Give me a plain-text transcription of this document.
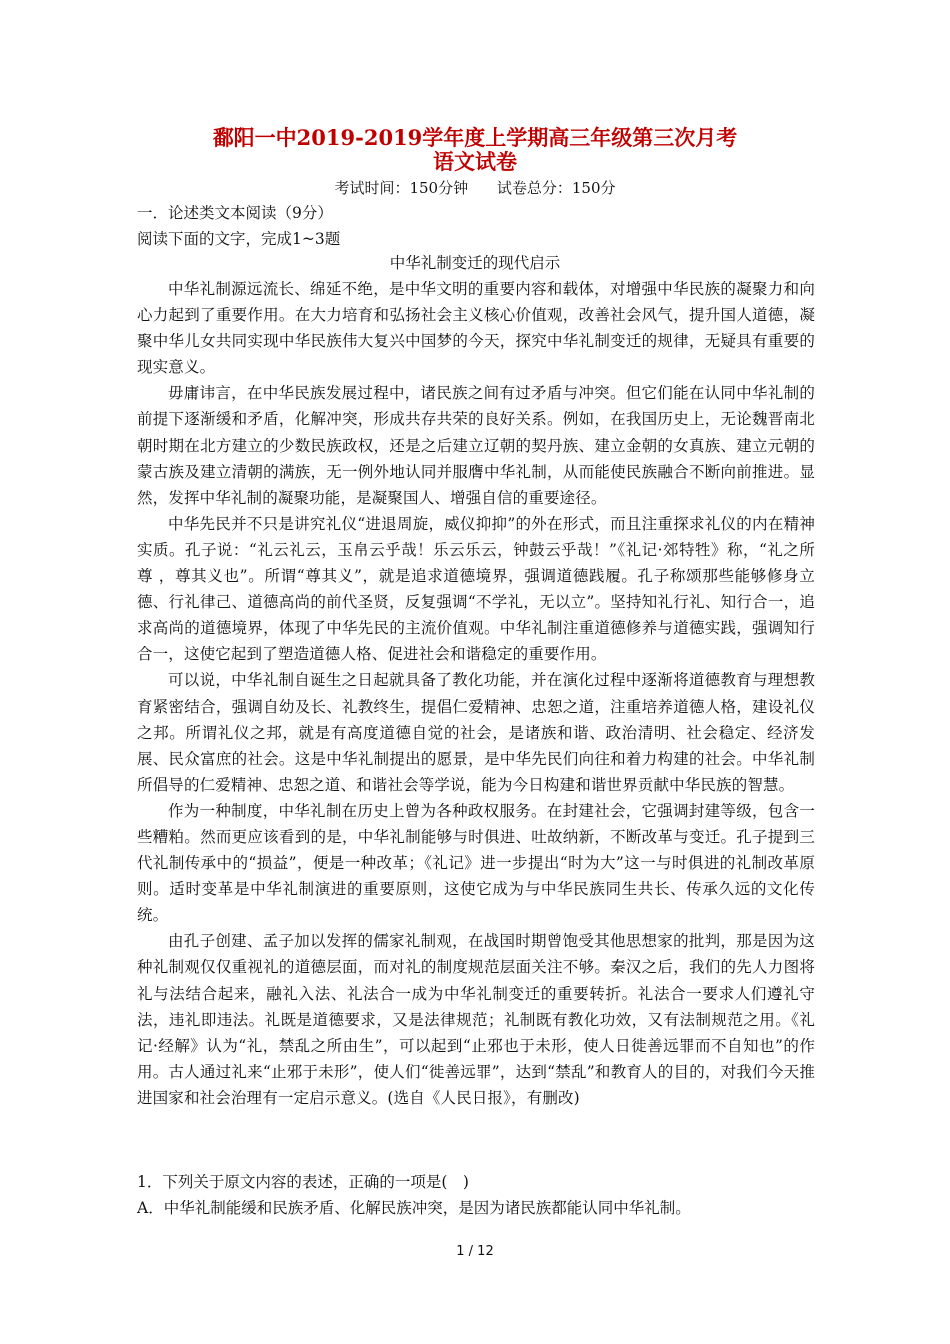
鄱阳一中2019-2019学年度上学期高三年级第三次月考
语文试卷
考试时间：150分钟 试卷总分：150分
一．论述类文本阅读（9分）
阅读下面的文字，完成1~3题
中华礼制变迁的现代启示

中华礼制源远流长、绵延不绝，是中华文明的重要内容和载体，对增强中华民族的凝聚力和向心力起到了重要作用。在大力培育和弘扬社会主义核心价值观，改善社会风气，提升国人道德，凝聚中华儿女共同实现中华民族伟大复兴中国梦的今天，探究中华礼制变迁的规律，无疑具有重要的现实意义。

毋庸讳言，在中华民族发展过程中，诸民族之间有过矛盾与冲突。但它们能在认同中华礼制的前提下逐渐缓和矛盾，化解冲突，形成共存共荣的良好关系。例如，在我国历史上，无论魏晋南北朝时期在北方建立的少数民族政权，还是之后建立辽朝的契丹族、建立金朝的女真族、建立元朝的蒙古族及建立清朝的满族，无一例外地认同并服膺中华礼制，从而能使民族融合不断向前推进。显然，发挥中华礼制的凝聚功能，是凝聚国人、增强自信的重要途径。

中华先民并不只是讲究礼仪“进退周旋，威仪抑抑”的外在形式，而且注重探求礼仪的内在精神实质。孔子说：“礼云礼云，玉帛云乎哉！乐云乐云，钟鼓云乎哉！”《礼记·郊特牲》称，“礼之所尊 ，尊其义也”。所谓“尊其义”，就是追求道德境界，强调道德践履。孔子称颂那些能够修身立德、行礼律己、道德高尚的前代圣贤，反复强调“不学礼，无以立”。坚持知礼行礼、知行合一，追求高尚的道德境界，体现了中华先民的主流价值观。中华礼制注重道德修养与道德实践，强调知行合一，这使它起到了塑造道德人格、促进社会和谐稳定的重要作用。

可以说，中华礼制自诞生之日起就具备了教化功能，并在演化过程中逐渐将道德教育与理想教育紧密结合，强调自幼及长、礼教终生，提倡仁爱精神、忠恕之道，注重培养道德人格，建设礼仪之邦。所谓礼仪之邦，就是有高度道德自觉的社会，是诸族和谐、政治清明、社会稳定、经济发展、民众富庶的社会。这是中华礼制提出的愿景，是中华先民们向往和着力构建的社会。中华礼制所倡导的仁爱精神、忠恕之道、和谐社会等学说，能为今日构建和谐世界贡献中华民族的智慧。

作为一种制度，中华礼制在历史上曾为各种政权服务。在封建社会，它强调封建等级，包含一些糟粕。然而更应该看到的是，中华礼制能够与时俱进、吐故纳新，不断改革与变迁。孔子提到三代礼制传承中的“损益”，便是一种改革；《礼记》进一步提出“时为大”这一与时俱进的礼制改革原则。适时变革是中华礼制演进的重要原则，这使它成为与中华民族同生共长、传承久远的文化传统。

由孔子创建、孟子加以发挥的儒家礼制观，在战国时期曾饱受其他思想家的批判，那是因为这种礼制观仅仅重视礼的道德层面，而对礼的制度规范层面关注不够。秦汉之后，我们的先人力图将礼与法结合起来，融礼入法、礼法合一成为中华礼制变迁的重要转折。礼法合一要求人们遵礼守法，违礼即违法。礼既是道德要求，又是法律规范；礼制既有教化功效，又有法制规范之用。《礼记·经解》认为“礼，禁乱之所由生”，可以起到“止邪也于未形，使人日徙善远罪而不自知也”的作用。古人通过礼来“止邪于未形”，使人们“徙善远罪”，达到“禁乱”和教育人的目的，对我们今天推进国家和社会治理有一定启示意义。(选自《人民日报》，有删改)

1．下列关于原文内容的表述，正确的一项是(　)
A．中华礼制能缓和民族矛盾、化解民族冲突，是因为诸民族都能认同中华礼制。
1 / 12
